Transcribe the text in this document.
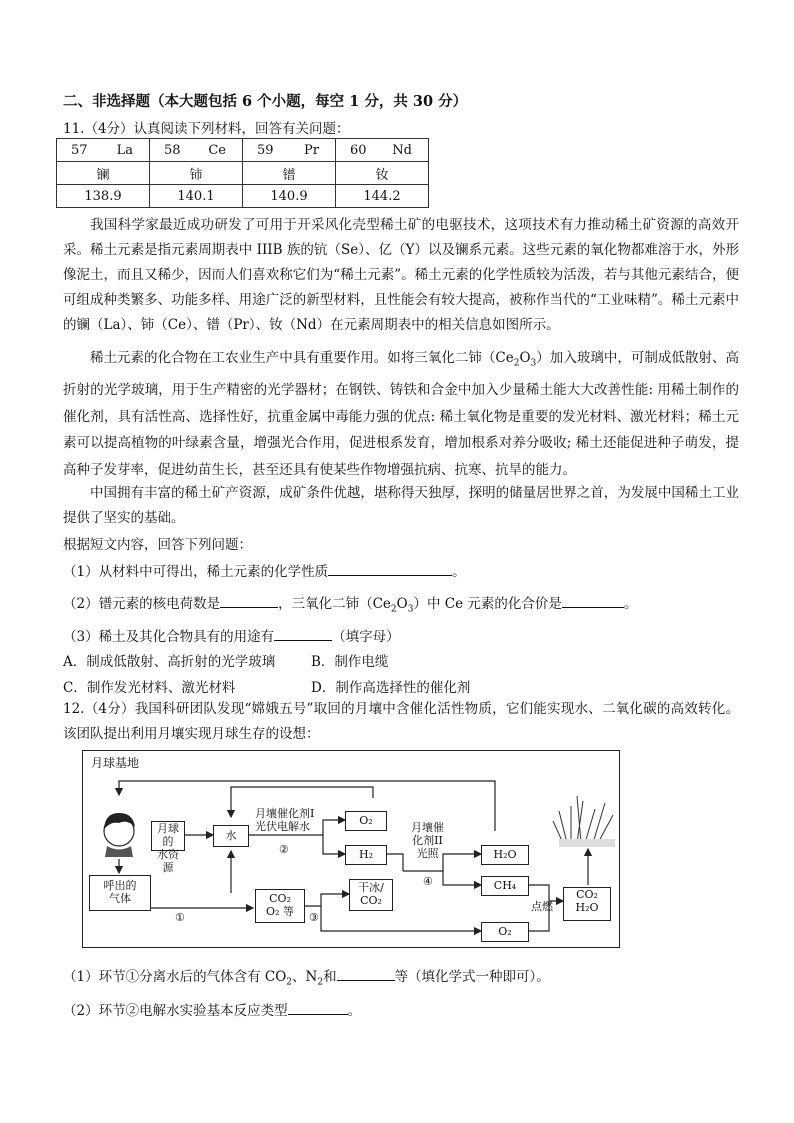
二、非选择题（本大题包括 6 个小题，每空 1 分，共 30 分）
11.（4分）认真阅读下列材料，回答有关问题：
57 La	58 Ce	59 Pr	60 Nd

镧	铈	镨	钕
138.9	140.1	140.9	144.2
我国科学家最近成功研发了可用于开采风化壳型稀土矿的电驱技术，这项技术有力推动稀土矿资源的高效开采。稀土元素是指元素周期表中 IIIB 族的钪（Se）、亿（Y）以及镧系元素。这些元素的氧化物都难溶于水，外形像泥土，而且又稀少，因而人们喜欢称它们为“稀土元素”。稀土元素的化学性质较为活泼，若与其他元素结合，便可组成种类繁多、功能多样、用途广泛的新型材料，且性能会有较大提高，被称作当代的“工业味精”。稀土元素中的镧（La）、铈（Ce）、镨（Pr）、钕（Nd）在元素周期表中的相关信息如图所示。
稀土元素的化合物在工农业生产中具有重要作用。如将三氧化二铈$(Ce_2O_3)$加入玻璃中，可制成低散射、高折射的光学玻璃，用于生产精密的光学器材；在钢铁、铸铁和合金中加入少量稀土能大大改善性能: 用稀土制作的催化剂，具有活性高、选择性好，抗重金属中毒能力强的优点: 稀土氧化物是重要的发光材料、激光材料；稀土元素可以提高植物的叶绿素含量，增强光合作用，促进根系发育，增加根系对养分吸收; 稀土还能促进种子萌发，提高种子发芽率，促进幼苗生长，甚至还具有使某些作物增强抗病、抗寒、抗旱的能力。
中国拥有丰富的稀土矿产资源，成矿条件优越，堪称得天独厚，探明的储量居世界之首，为发展中国稀土工业提供了坚实的基础。
根据短文内容，回答下列问题：
（1）从材料中可得出，稀土元素的化学性质	。
（2）镨元素的核电荷数是	，三氧化二铈$(Ce_2O_3)$中 Ce 元素的化合价是	。
（3）稀土及其化合物具有的用途有	（填字母）
A．制成低散射、高折射的光学玻璃	B．制作电缆
C．制作发光材料、激光材料	D．制作高选择性的催化剂
12.（4分）我国科研团队发现“嫦娥五号”取回的月壤中含催化活性物质，它们能实现水、二氧化碳的高效转化。该团队提出利用月壤实现月球生存的设想：
月球基地
月球的
水资源
水
月壤催化剂I
光伏电解水
②
O₂
H₂
月壤催
化剂II
光照
④
H₂O
CH₄
O₂
点燃
CO₂
H₂O
呼出的
气体
①
CO₂
O₂ 等	③
干冰/
CO₂
（1）环节①分离水后的气体含有 $CO_2$、$N_2$和	等（填化学式一种即可）。
（2）环节②电解水实验基本反应类型	。
